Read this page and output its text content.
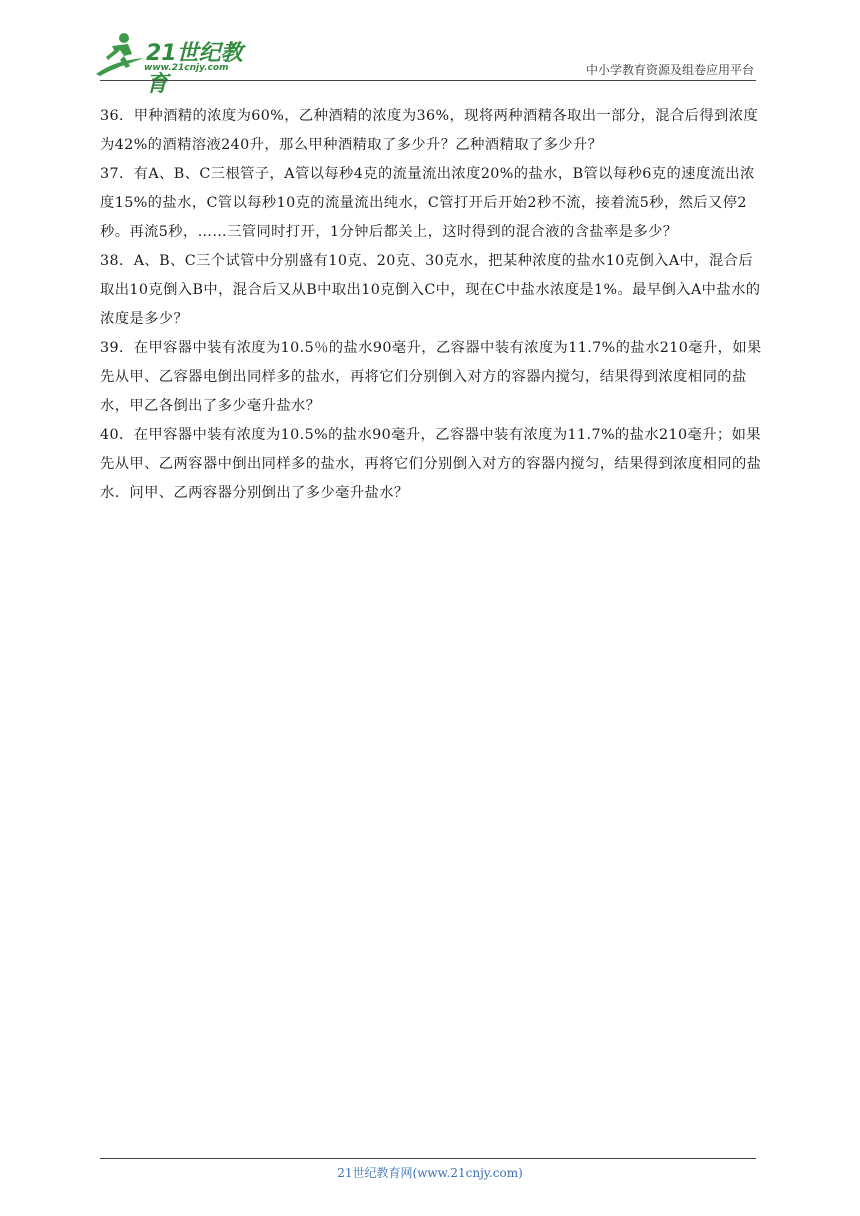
21世纪教育
www.21cnjy.com	中小学教育资源及组卷应用平台

36．甲种酒精的浓度为60%，乙种酒精的浓度为36%，现将两种酒精各取出一部分，混合后得到浓度为42%的酒精溶液240升，那么甲种酒精取了多少升？乙种酒精取了多少升？

37．有A、B、C三根管子，A管以每秒4克的流量流出浓度20%的盐水，B管以每秒6克的速度流出浓度15%的盐水，C管以每秒10克的流量流出纯水，C管打开后开始2秒不流，接着流5秒，然后又停2秒。再流5秒，……三管同时打开，1分钟后都关上，这时得到的混合液的含盐率是多少？

38．A、B、C三个试管中分别盛有10克、20克、30克水，把某种浓度的盐水10克倒入A中，混合后取出10克倒入B中，混合后又从B中取出10克倒入C中，现在C中盐水浓度是1%。最早倒入A中盐水的浓度是多少？

39．在甲容器中装有浓度为10.5％的盐水90毫升，乙容器中装有浓度为11.7%的盐水210毫升，如果先从甲、乙容器电倒出同样多的盐水，再将它们分别倒入对方的容器内搅匀，结果得到浓度相同的盐水，甲乙各倒出了多少毫升盐水？

40．在甲容器中装有浓度为10.5%的盐水90毫升，乙容器中装有浓度为11.7%的盐水210毫升；如果先从甲、乙两容器中倒出同样多的盐水，再将它们分别倒入对方的容器内搅匀，结果得到浓度相同的盐水．问甲、乙两容器分别倒出了多少毫升盐水？

21世纪教育网(www.21cnjy.com)
